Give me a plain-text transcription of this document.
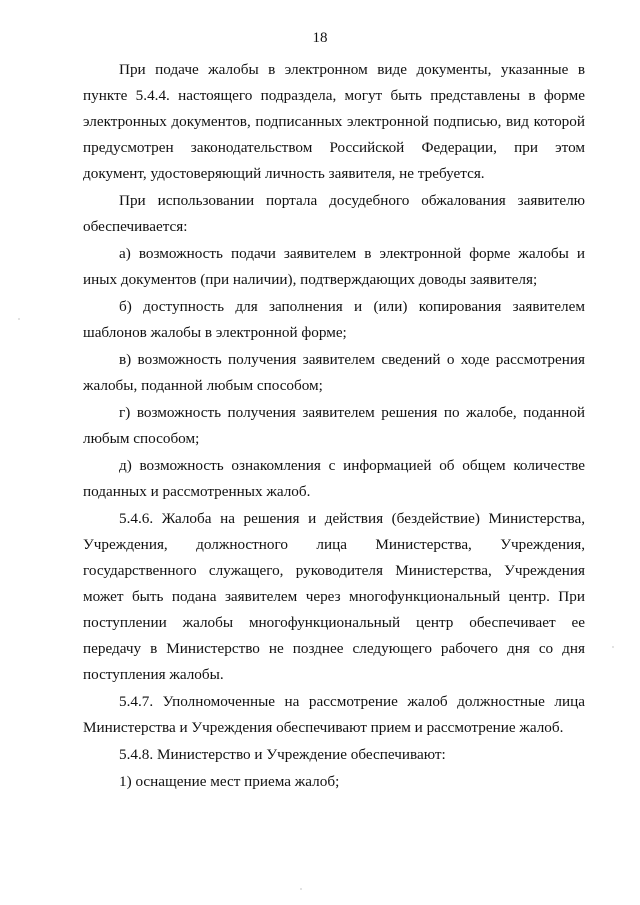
18

При подаче жалобы в электронном виде документы, указанные в пункте 5.4.4. настоящего подраздела, могут быть представлены в форме электронных документов, подписанных электронной подписью, вид которой предусмотрен законодательством Российской Федерации, при этом документ, удостоверяющий личность заявителя, не требуется.

При использовании портала досудебного обжалования заявителю обеспечивается:

а) возможность подачи заявителем в электронной форме жалобы и иных документов (при наличии), подтверждающих доводы заявителя;

б) доступность для заполнения и (или) копирования заявителем шаблонов жалобы в электронной форме;

в) возможность получения заявителем сведений о ходе рассмотрения жалобы, поданной любым способом;

г) возможность получения заявителем решения по жалобе, поданной любым способом;

д) возможность ознакомления с информацией об общем количестве поданных и рассмотренных жалоб.

5.4.6. Жалоба на решения и действия (бездействие) Министерства, Учреждения, должностного лица Министерства, Учреждения, государственного служащего, руководителя Министерства, Учреждения может быть подана заявителем через многофункциональный центр. При поступлении жалобы многофункциональный центр обеспечивает ее передачу в Министерство не позднее следующего рабочего дня со дня поступления жалобы.

5.4.7. Уполномоченные на рассмотрение жалоб должностные лица Министерства и Учреждения обеспечивают прием и рассмотрение жалоб.

5.4.8. Министерство и Учреждение обеспечивают:

1) оснащение мест приема жалоб;
